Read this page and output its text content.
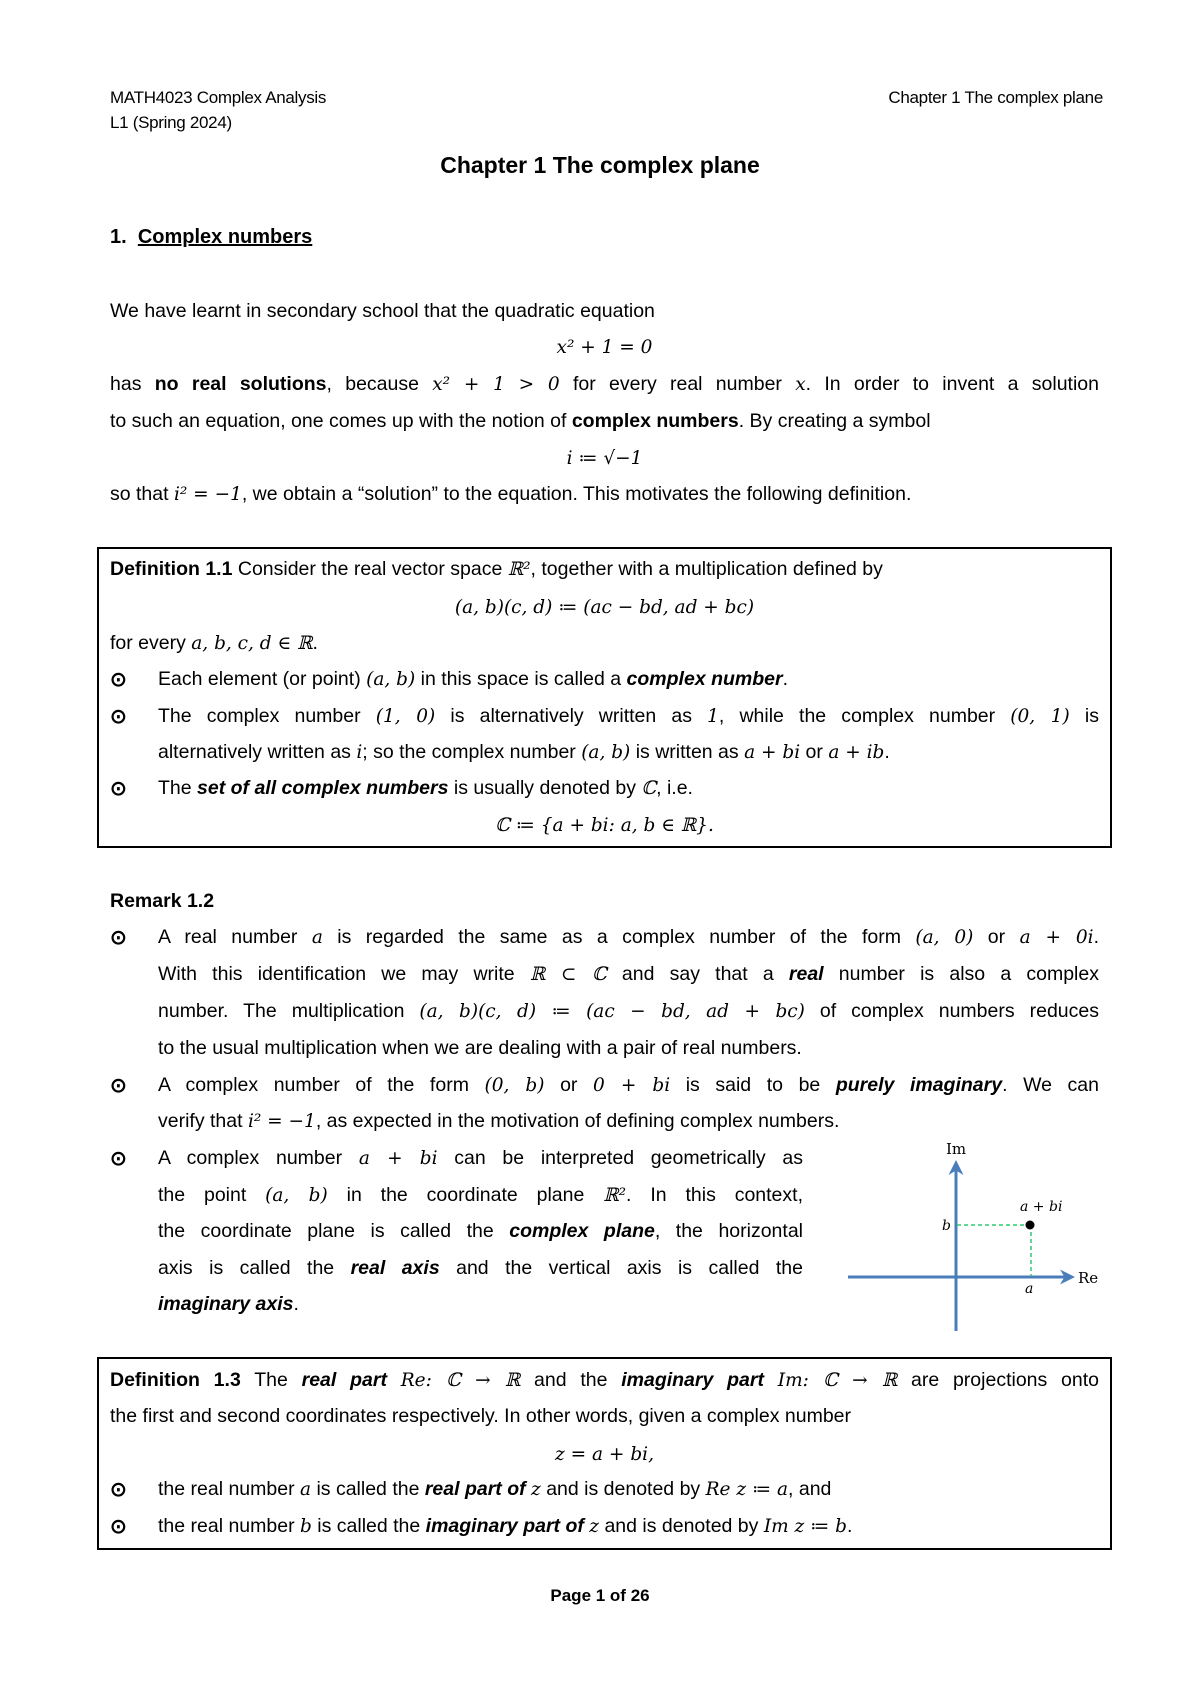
MATH4023 Complex Analysis
L1 (Spring 2024)
Chapter 1 The complex plane
Chapter 1 The complex plane
1. Complex numbers
We have learnt in secondary school that the quadratic equation
x² + 1 = 0
has no real solutions, because x² + 1 > 0 for every real number x. In order to invent a solution
to such an equation, one comes up with the notion of complex numbers. By creating a symbol
i ≔ √−1
so that i² = −1, we obtain a “solution” to the equation. This motivates the following definition.
Definition 1.1 Consider the real vector space ℝ², together with a multiplication defined by
(a, b)(c, d) ≔ (ac − bd, ad + bc)
for every a, b, c, d ∈ ℝ.
⊙ Each element (or point) (a, b) in this space is called a complex number.
⊙ The complex number (1, 0) is alternatively written as 1, while the complex number (0, 1) is
alternatively written as i; so the complex number (a, b) is written as a + bi or a + ib.
⊙ The set of all complex numbers is usually denoted by ℂ, i.e.
ℂ ≔ {a + bi: a, b ∈ ℝ}.
Remark 1.2
⊙ A real number a is regarded the same as a complex number of the form (a, 0) or a + 0i.
With this identification we may write ℝ ⊂ ℂ and say that a real number is also a complex
number. The multiplication (a, b)(c, d) ≔ (ac − bd, ad + bc) of complex numbers reduces
to the usual multiplication when we are dealing with a pair of real numbers.
⊙ A complex number of the form (0, b) or 0 + bi is said to be purely imaginary. We can
verify that i² = −1, as expected in the motivation of defining complex numbers.
⊙ A complex number a + bi can be interpreted geometrically as
the point (a, b) in the coordinate plane ℝ². In this context,
the coordinate plane is called the complex plane, the horizontal
axis is called the real axis and the vertical axis is called the
imaginary axis.
Im
Re
b
a
a + bi
Definition 1.3 The real part Re: ℂ → ℝ and the imaginary part Im: ℂ → ℝ are projections onto
the first and second coordinates respectively. In other words, given a complex number
z = a + bi,
⊙ the real number a is called the real part of z and is denoted by Re z ≔ a, and
⊙ the real number b is called the imaginary part of z and is denoted by Im z ≔ b.
Page 1 of 26
